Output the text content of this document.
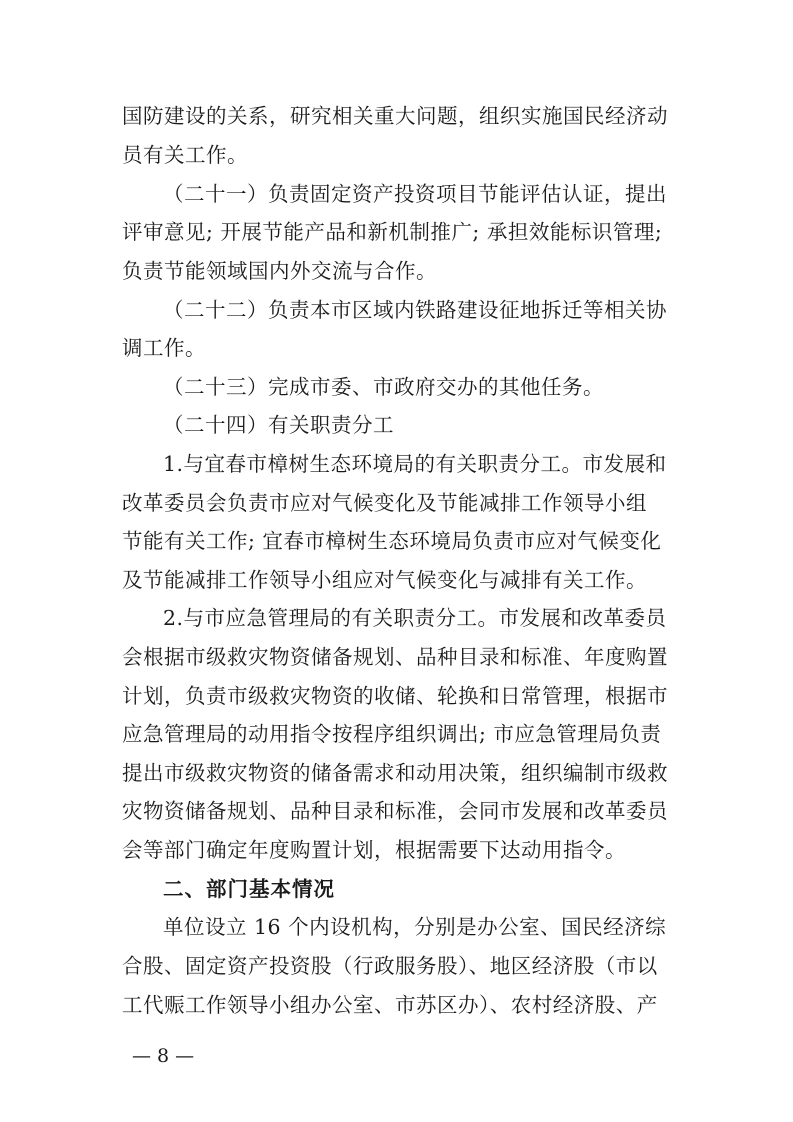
国防建设的关系，研究相关重大问题，组织实施国民经济动
员有关工作。
（二十一）负责固定资产投资项目节能评估认证，提出
评审意见; 开展节能产品和新机制推广; 承担效能标识管理;
负责节能领域国内外交流与合作。
（二十二）负责本市区域内铁路建设征地拆迁等相关协
调工作。
（二十三）完成市委、市政府交办的其他任务。
（二十四）有关职责分工
1.与宜春市樟树生态环境局的有关职责分工。市发展和
改革委员会负责市应对气候变化及节能减排工作领导小组
节能有关工作; 宜春市樟树生态环境局负责市应对气候变化
及节能减排工作领导小组应对气候变化与减排有关工作。
2.与市应急管理局的有关职责分工。市发展和改革委员
会根据市级救灾物资储备规划、品种目录和标准、年度购置
计划，负责市级救灾物资的收储、轮换和日常管理，根据市
应急管理局的动用指令按程序组织调出; 市应急管理局负责
提出市级救灾物资的储备需求和动用决策，组织编制市级救
灾物资储备规划、品种目录和标准，会同市发展和改革委员
会等部门确定年度购置计划，根据需要下达动用指令。
二、部门基本情况
单位设立 16 个内设机构，分别是办公室、国民经济综
合股、固定资产投资股（行政服务股）、地区经济股（市以
工代赈工作领导小组办公室、市苏区办）、农村经济股、产
— 8 —
